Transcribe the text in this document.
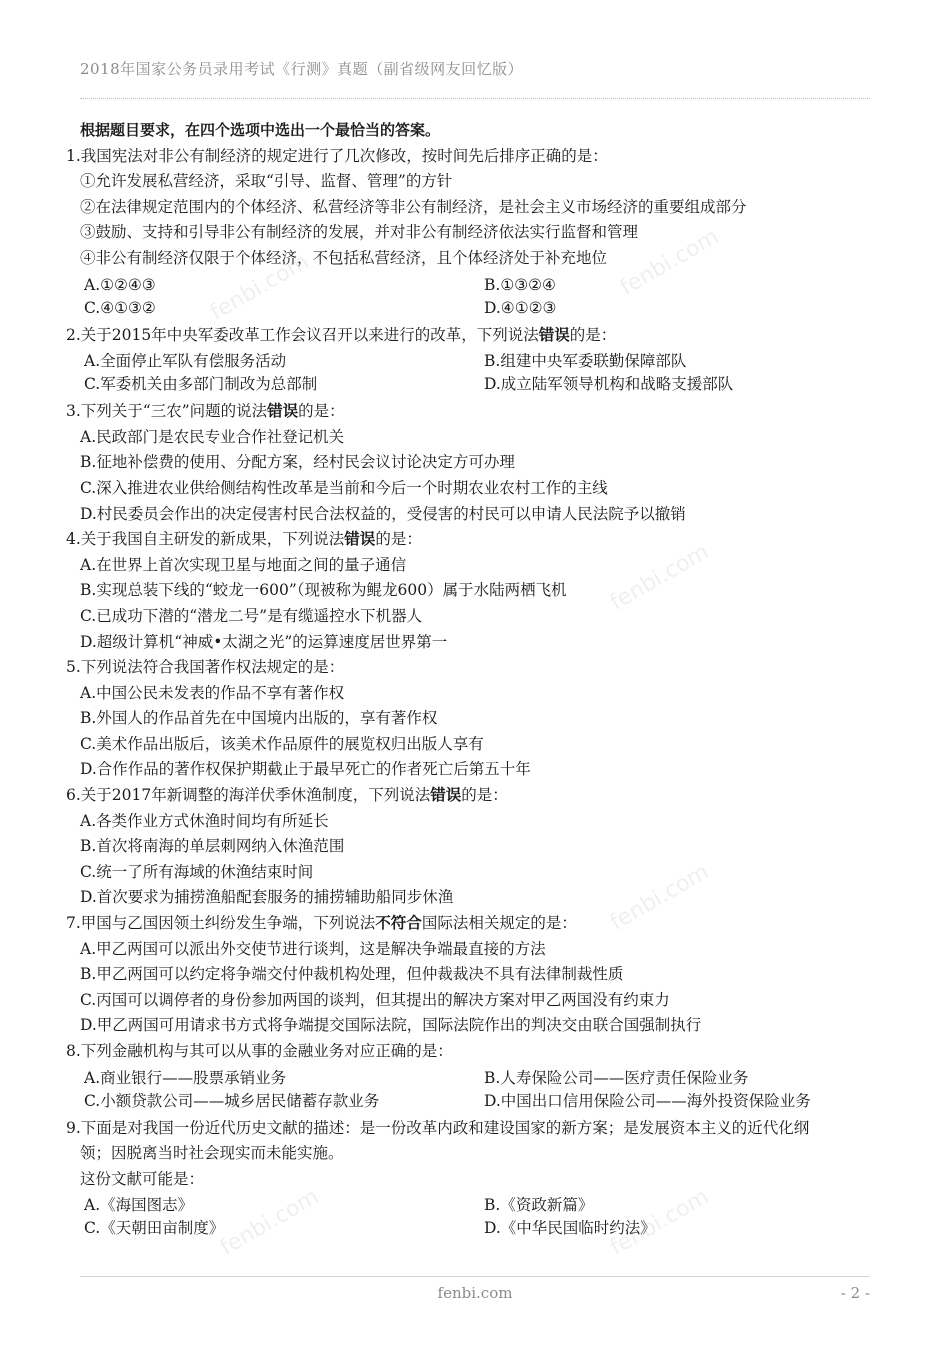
2018年国家公务员录用考试《行测》真题（副省级网友回忆版）
fenbi.com
fenbi.com
fenbi.com
fenbi.com
fenbi.com	fenbi.com
根据题目要求，在四个选项中选出一个最恰当的答案。
1.我国宪法对非公有制经济的规定进行了几次修改，按时间先后排序正确的是：
①允许发展私营经济，采取“引导、监督、管理”的方针
②在法律规定范围内的个体经济、私营经济等非公有制经济，是社会主义市场经济的重要组成部分
③鼓励、支持和引导非公有制经济的发展，并对非公有制经济依法实行监督和管理
④非公有制经济仅限于个体经济，不包括私营经济，且个体经济处于补充地位
A.①②④③	B.①③②④
C.④①③②	D.④①②③
2.关于2015年中央军委改革工作会议召开以来进行的改革，下列说法错误的是：
A.全面停止军队有偿服务活动	B.组建中央军委联勤保障部队
C.军委机关由多部门制改为总部制	D.成立陆军领导机构和战略支援部队
3.下列关于“三农”问题的说法错误的是：
A.民政部门是农民专业合作社登记机关
B.征地补偿费的使用、分配方案，经村民会议讨论决定方可办理
C.深入推进农业供给侧结构性改革是当前和今后一个时期农业农村工作的主线
D.村民委员会作出的决定侵害村民合法权益的，受侵害的村民可以申请人民法院予以撤销
4.关于我国自主研发的新成果，下列说法错误的是：
A.在世界上首次实现卫星与地面之间的量子通信
B.实现总装下线的“蛟龙一600”（现被称为鲲龙600）属于水陆两栖飞机
C.已成功下潜的“潜龙二号”是有缆遥控水下机器人
D.超级计算机“神威•太湖之光”的运算速度居世界第一
5.下列说法符合我国著作权法规定的是：
A.中国公民未发表的作品不享有著作权
B.外国人的作品首先在中国境内出版的，享有著作权
C.美术作品出版后，该美术作品原件的展览权归出版人享有
D.合作作品的著作权保护期截止于最早死亡的作者死亡后第五十年
6.关于2017年新调整的海洋伏季休渔制度，下列说法错误的是：
A.各类作业方式休渔时间均有所延长
B.首次将南海的单层刺网纳入休渔范围
C.统一了所有海域的休渔结束时间
D.首次要求为捕捞渔船配套服务的捕捞辅助船同步休渔
7.甲国与乙国因领土纠纷发生争端，下列说法不符合国际法相关规定的是：
A.甲乙两国可以派出外交使节进行谈判，这是解决争端最直接的方法
B.甲乙两国可以约定将争端交付仲裁机构处理，但仲裁裁决不具有法律制裁性质
C.丙国可以调停者的身份参加两国的谈判，但其提出的解决方案对甲乙两国没有约束力
D.甲乙两国可用请求书方式将争端提交国际法院，国际法院作出的判决交由联合国强制执行
8.下列金融机构与其可以从事的金融业务对应正确的是：
A.商业银行——股票承销业务	B.人寿保险公司——医疗责任保险业务
C.小额贷款公司——城乡居民储蓄存款业务	D.中国出口信用保险公司——海外投资保险业务
9.下面是对我国一份近代历史文献的描述：是一份改革内政和建设国家的新方案；是发展资本主义的近代化纲
领；因脱离当时社会现实而未能实施。
这份文献可能是：
A.《海国图志》	B.《资政新篇》
C.《天朝田亩制度》	D.《中华民国临时约法》
fenbi.com	- 2 -
